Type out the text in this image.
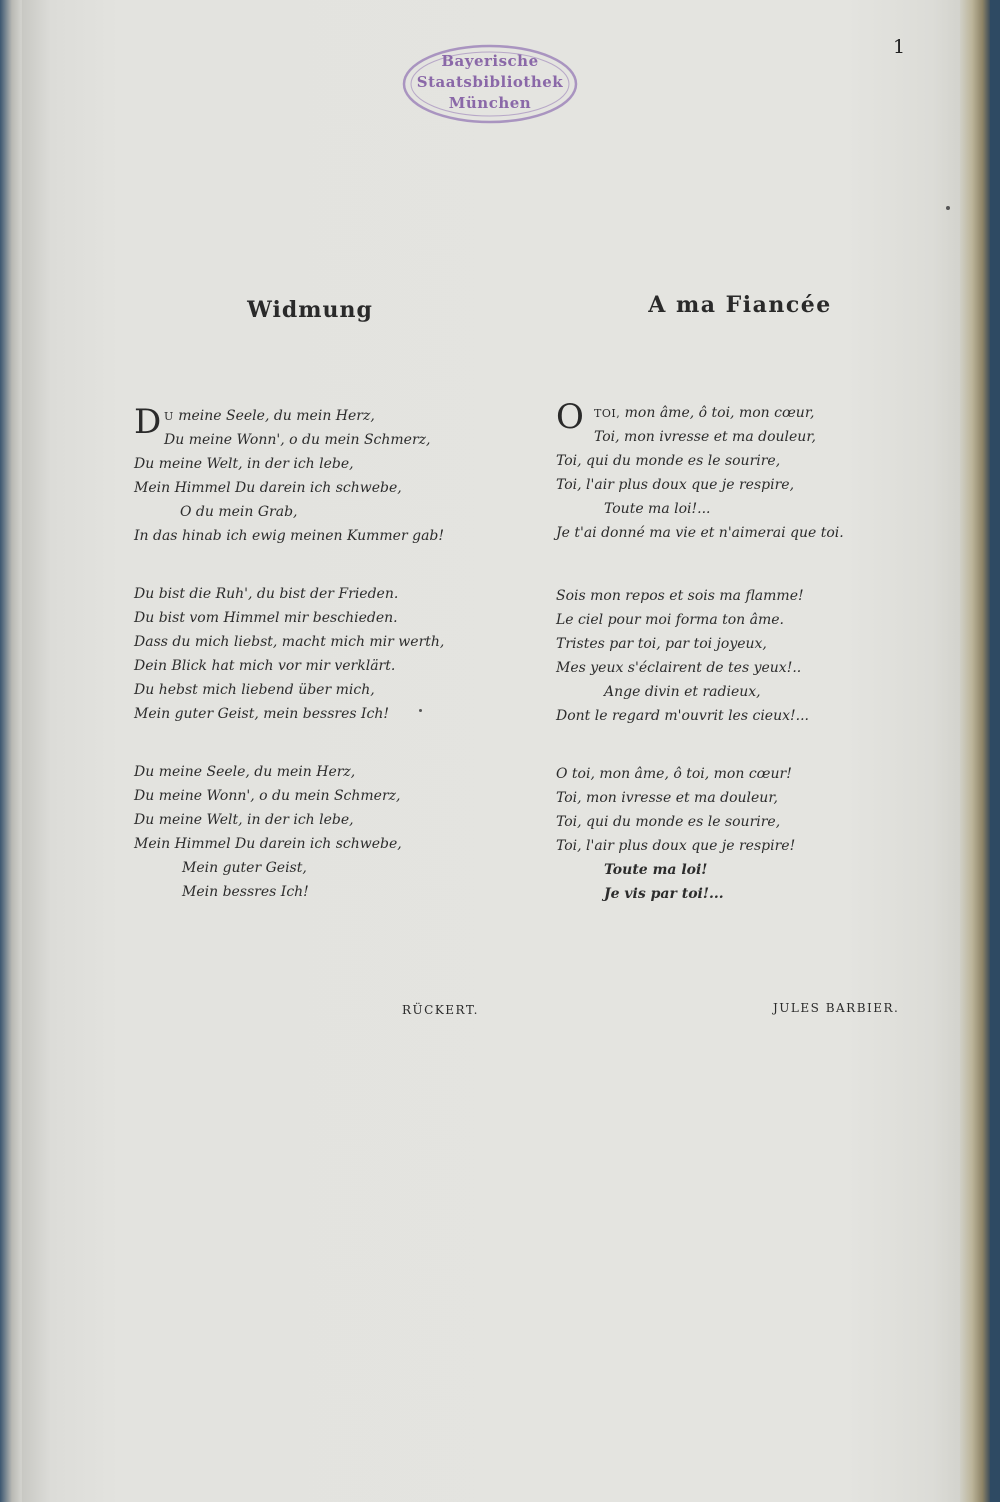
1
Bayerische
Staatsbibliothek
München
Widmung	A ma Fiancée
D U meine Seele, du mein Herz,
Du meine Wonn', o du mein Schmerz,
Du meine Welt, in der ich lebe,
Mein Himmel Du darein ich schwebe,
O du mein Grab,
In das hinab ich ewig meinen Kummer gab!
Du bist die Ruh', du bist der Frieden.
Du bist vom Himmel mir beschieden.
Dass du mich liebst, macht mich mir werth,
Dein Blick hat mich vor mir verklärt.
Du hebst mich liebend über mich,
Mein guter Geist, mein bessres Ich!
Du meine Seele, du mein Herz,
Du meine Wonn', o du mein Schmerz,
Du meine Welt, in der ich lebe,
Mein Himmel Du darein ich schwebe,
Mein guter Geist,
Mein bessres Ich!
O TOI, mon âme, ô toi, mon cœur,
Toi, mon ivresse et ma douleur,
Toi, qui du monde es le sourire,
Toi, l'air plus doux que je respire,
Toute ma loi!...
Je t'ai donné ma vie et n'aimerai que toi.
Sois mon repos et sois ma flamme!
Le ciel pour moi forma ton âme.
Tristes par toi, par toi joyeux,
Mes yeux s'éclairent de tes yeux!..
Ange divin et radieux,
Dont le regard m'ouvrit les cieux!...
O toi, mon âme, ô toi, mon cœur!
Toi, mon ivresse et ma douleur,
Toi, qui du monde es le sourire,
Toi, l'air plus doux que je respire!
Toute ma loi!
Je vis par toi!...
RÜCKERT.	JULES BARBIER.
